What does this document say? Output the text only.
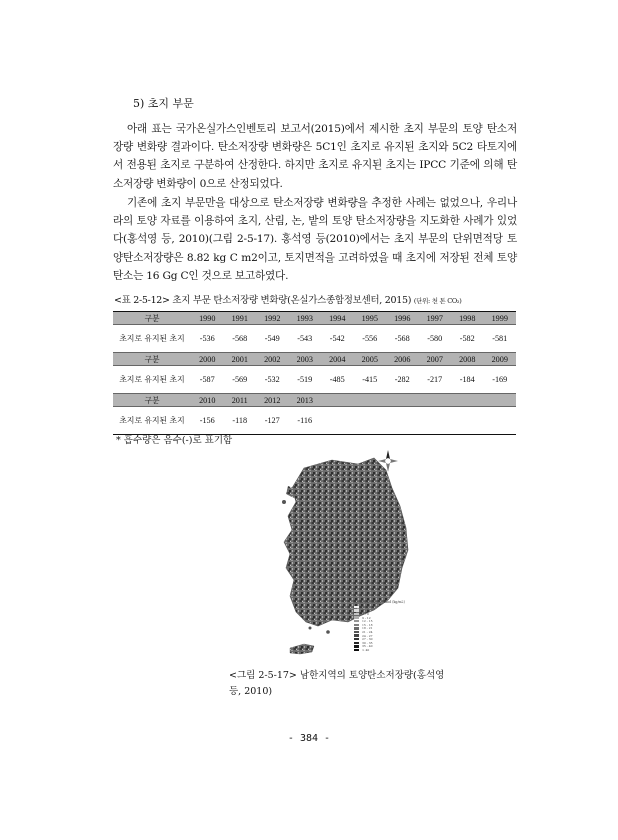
5) 초지 부문

아래 표는 국가온실가스인벤토리 보고서(2015)에서 제시한 초지 부문의 토양 탄소저장량 변화량 결과이다. 탄소저장량 변화량은 5C1인 초지로 유지된 초지와 5C2 타토지에서 전용된 초지로 구분하여 산정한다. 하지만 초지로 유지된 초지는 IPCC 기준에 의해 탄소저장량 변화량이 0으로 산정되었다.

기존에 초지 부문만을 대상으로 탄소저장량 변화량을 추정한 사례는 없었으나, 우리나라의 토양 자료를 이용하여 초지, 산림, 논, 밭의 토양 탄소저장량을 지도화한 사례가 있었다(홍석영 등, 2010)(그림 2-5-17). 홍석영 등(2010)에서는 초지 부문의 단위면적당 토양탄소저장량은 8.82 kg C m2이고, 토지면적을 고려하였을 때 초지에 저장된 전체 토양탄소는 16 Gg C인 것으로 보고하였다.

<표 2-5-12> 초지 부문 탄소저장량 변화량(온실가스종합정보센터, 2015) (단위: 천 톤 CO₂)
구분	1990	1991	1992	1993	1994	1995	1996	1997	1998	1999
초지로 유지된 초지	-536	-568	-549	-543	-542	-556	-568	-580	-582	-581
구분	2000	2001	2002	2003	2004	2005	2006	2007	2008	2009
초지로 유지된 초지	-587	-569	-532	-519	-485	-415	-282	-217	-184	-169
구분	2010	2011	2012	2013						
초지로 유지된 초지	-156	-118	-127	-116						
* 흡수량은 음수(-)로 표기함
Carbon storage of land (kg/m2)
0 - 3
3 - 6
6 - 9
9 - 12
12 - 15
15 - 18
18 - 21
21 - 24
24 - 27
27 - 30
30 - 35
35 - 40
> 40
<그림 2-5-17> 남한지역의 토양탄소저장량(홍석영 등, 2010)
- 384 -
